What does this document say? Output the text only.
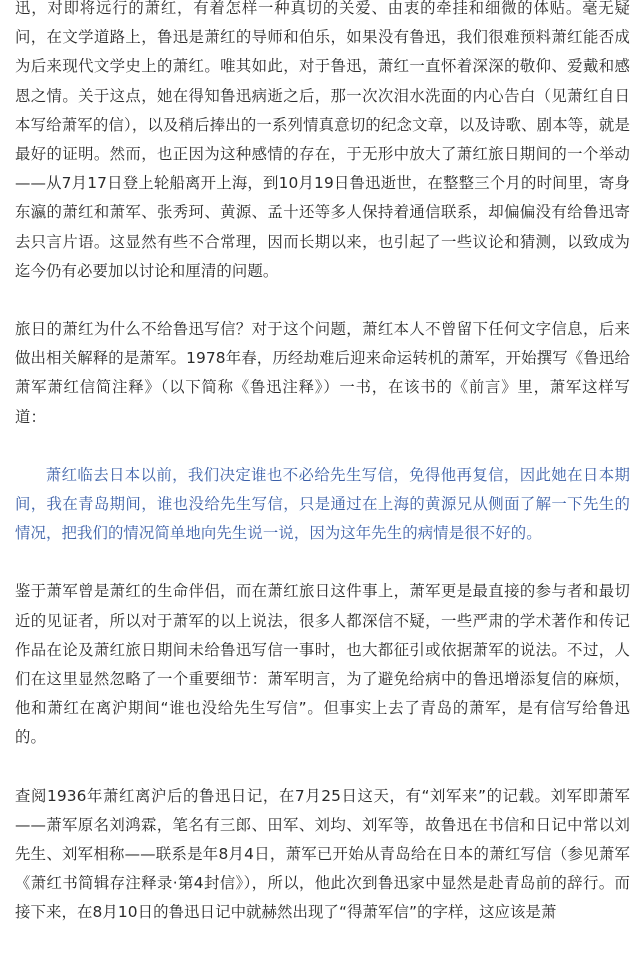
迅，对即将远行的萧红，有着怎样一种真切的关爱、由衷的牵挂和细微的体贴。毫无疑问，在文学道路上，鲁迅是萧红的导师和伯乐，如果没有鲁迅，我们很难预料萧红能否成为后来现代文学史上的萧红。唯其如此，对于鲁迅，萧红一直怀着深深的敬仰、爱戴和感恩之情。关于这点，她在得知鲁迅病逝之后，那一次次泪水洗面的内心告白（见萧红自日本写给萧军的信），以及稍后捧出的一系列情真意切的纪念文章，以及诗歌、剧本等，就是最好的证明。然而，也正因为这种感情的存在，于无形中放大了萧红旅日期间的一个举动——从7月17日登上轮船离开上海，到10月19日鲁迅逝世，在整整三个月的时间里，寄身东瀛的萧红和萧军、张秀珂、黄源、孟十还等多人保持着通信联系，却偏偏没有给鲁迅寄去只言片语。这显然有些不合常理，因而长期以来，也引起了一些议论和猜测，以致成为迄今仍有必要加以讨论和厘清的问题。

旅日的萧红为什么不给鲁迅写信？对于这个问题，萧红本人不曾留下任何文字信息，后来做出相关解释的是萧军。1978年春，历经劫难后迎来命运转机的萧军，开始撰写《鲁迅给萧军萧红信简注释》（以下简称《鲁迅注释》）一书，在该书的《前言》里，萧军这样写道：

萧红临去日本以前，我们决定谁也不必给先生写信，免得他再复信，因此她在日本期间，我在青岛期间，谁也没给先生写信，只是通过在上海的黄源兄从侧面了解一下先生的情况，把我们的情况简单地向先生说一说，因为这年先生的病情是很不好的。

鉴于萧军曾是萧红的生命伴侣，而在萧红旅日这件事上，萧军更是最直接的参与者和最切近的见证者，所以对于萧军的以上说法，很多人都深信不疑，一些严肃的学术著作和传记作品在论及萧红旅日期间未给鲁迅写信一事时，也大都征引或依据萧军的说法。不过，人们在这里显然忽略了一个重要细节：萧军明言，为了避免给病中的鲁迅增添复信的麻烦，他和萧红在离沪期间“谁也没给先生写信”。但事实上去了青岛的萧军，是有信写给鲁迅的。

查阅1936年萧红离沪后的鲁迅日记，在7月25日这天，有“刘军来”的记载。刘军即萧军——萧军原名刘鸿霖，笔名有三郎、田军、刘均、刘军等，故鲁迅在书信和日记中常以刘先生、刘军相称——联系是年8月4日，萧军已开始从青岛给在日本的萧红写信（参见萧军《萧红书简辑存注释录·第4封信》），所以，他此次到鲁迅家中显然是赴青岛前的辞行。而接下来，在8月10日的鲁迅日记中就赫然出现了“得萧军信”的字样，这应该是萧
